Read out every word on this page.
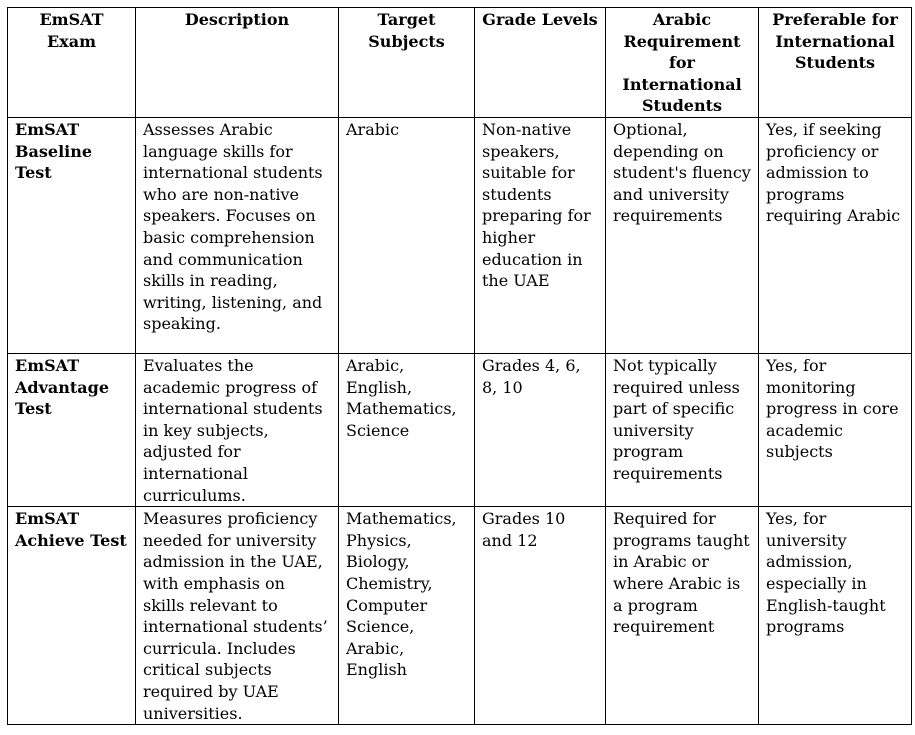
EmSAT Exam	Description	Target Subjects	Grade Levels	Arabic Requirement for International Students	Preferable for International Students
EmSAT Baseline Test	Assesses Arabic language skills for international students who are non-native speakers. Focuses on basic comprehension and communication skills in reading, writing, listening, and speaking.	Arabic	Non-native speakers, suitable for students preparing for higher education in the UAE	Optional, depending on student's fluency and university requirements	Yes, if seeking proficiency or admission to programs requiring Arabic
EmSAT Advantage Test	Evaluates the academic progress of international students in key subjects, adjusted for international curriculums.	Arabic, English, Mathematics, Science	Grades 4, 6, 8, 10	Not typically required unless part of specific university program requirements	Yes, for monitoring progress in core academic subjects
EmSAT Achieve Test	Measures proficiency needed for university admission in the UAE, with emphasis on skills relevant to international students’ curricula. Includes critical subjects required by UAE universities.	Mathematics, Physics, Biology, Chemistry, Computer Science, Arabic, English	Grades 10 and 12	Required for programs taught in Arabic or where Arabic is a program requirement	Yes, for university admission, especially in English-taught programs
